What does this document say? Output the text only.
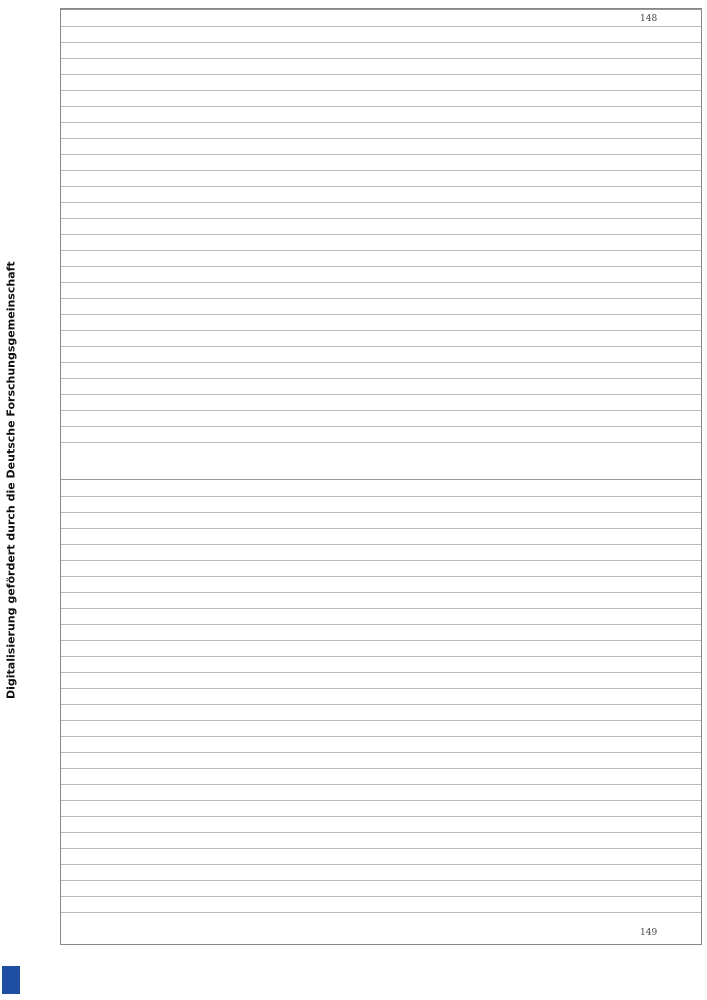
Digitalisierung gefördert durch die Deutsche Forschungsgemeinschaft
148
149
